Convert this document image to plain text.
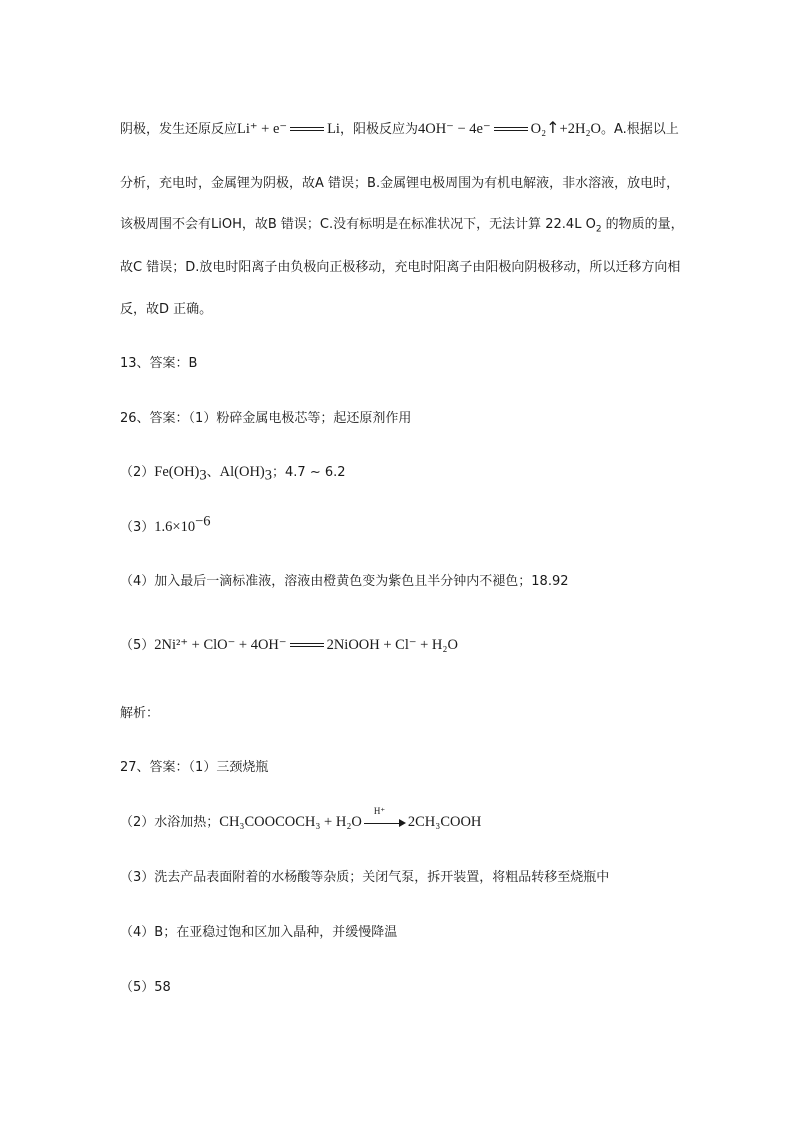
阴极，发生还原反应Li⁺ + e⁻	Li，阳极反应为4OH⁻ − 4e⁻	O₂↑+2H₂O。A.根据以上
分析，充电时，金属锂为阴极，故A 错误；B.金属锂电极周围为有机电解液，非水溶液，放电时，
该极周围不会有LiOH，故B 错误；C.没有标明是在标准状况下，无法计算 22.4L $O_2$ 的物质的量，
故C 错误；D.放电时阳离子由负极向正极移动，充电时阳离子由阳极向阴极移动，所以迁移方向相
反，故D 正确。
13、答案：B
26、答案：（1）粉碎金属电极芯等；起还原剂作用
$(2)Fe(OH)_3$、$Al(OH)_3$；4.7 ~ 6.2
$(3)1.6\times 10^{-6}$
（4）加入最后一滴标准液，溶液由橙黄色变为紫色且半分钟内不褪色；18.92
（5）2Ni²⁺ + ClO⁻ + 4OH⁻	2NiOOH + Cl⁻ + H₂O
解析：
27、答案：（1）三颈烧瓶
（2）水浴加热；CH₃COOCOCH₃ + H₂O
H⁺
2CH₃COOH
（3）洗去产品表面附着的水杨酸等杂质；关闭气泵，拆开装置，将粗品转移至烧瓶中
（4）B；在亚稳过饱和区加入晶种，并缓慢降温
（5）58
